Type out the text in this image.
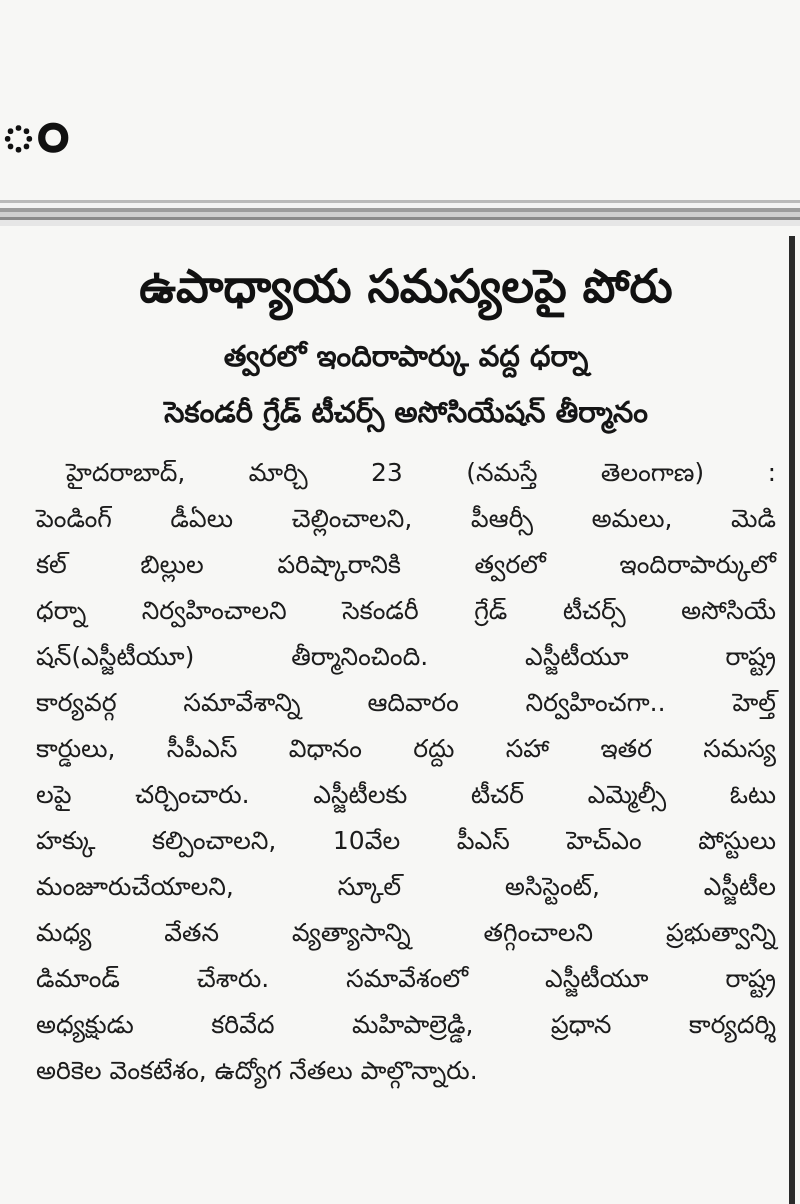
ం
ఉపాధ్యాయ సమస్యలపై పోరు
త్వరలో ఇందిరాపార్కు వద్ద ధర్నా
సెకండరీ గ్రేడ్ టీచర్స్ అసోసియేషన్ తీర్మానం
హైదరాబాద్, మార్చి 23 (నమస్తే తెలంగాణ) :
పెండింగ్ డీఏలు చెల్లించాలని, పీఆర్సీ అమలు, మెడి
కల్ బిల్లుల పరిష్కారానికి త్వరలో ఇందిరాపార్కులో
ధర్నా నిర్వహించాలని సెకండరీ గ్రేడ్ టీచర్స్ అసోసియే
షన్(ఎస్జీటీయూ) తీర్మానించింది. ఎస్జీటీయూ రాష్ట్ర
కార్యవర్గ సమావేశాన్ని ఆదివారం నిర్వహించగా.. హెల్త్
కార్డులు, సీపీఎస్ విధానం రద్దు సహా ఇతర సమస్య
లపై చర్చించారు. ఎస్జీటీలకు టీచర్ ఎమ్మెల్సీ ఓటు
హక్కు కల్పించాలని, 10వేల పీఎస్ హెచ్ఎం పోస్టులు
మంజూరుచేయాలని, స్కూల్ అసిస్టెంట్, ఎస్జీటీల
మధ్య వేతన వ్యత్యాసాన్ని తగ్గించాలని ప్రభుత్వాన్ని
డిమాండ్ చేశారు. సమావేశంలో ఎస్జీటీయూ రాష్ట్ర
అధ్యక్షుడు కరివేద మహిపాల్రెడ్డి, ప్రధాన కార్యదర్శి
అరికెల వెంకటేశం, ఉద్యోగ నేతలు పాల్గొన్నారు.
